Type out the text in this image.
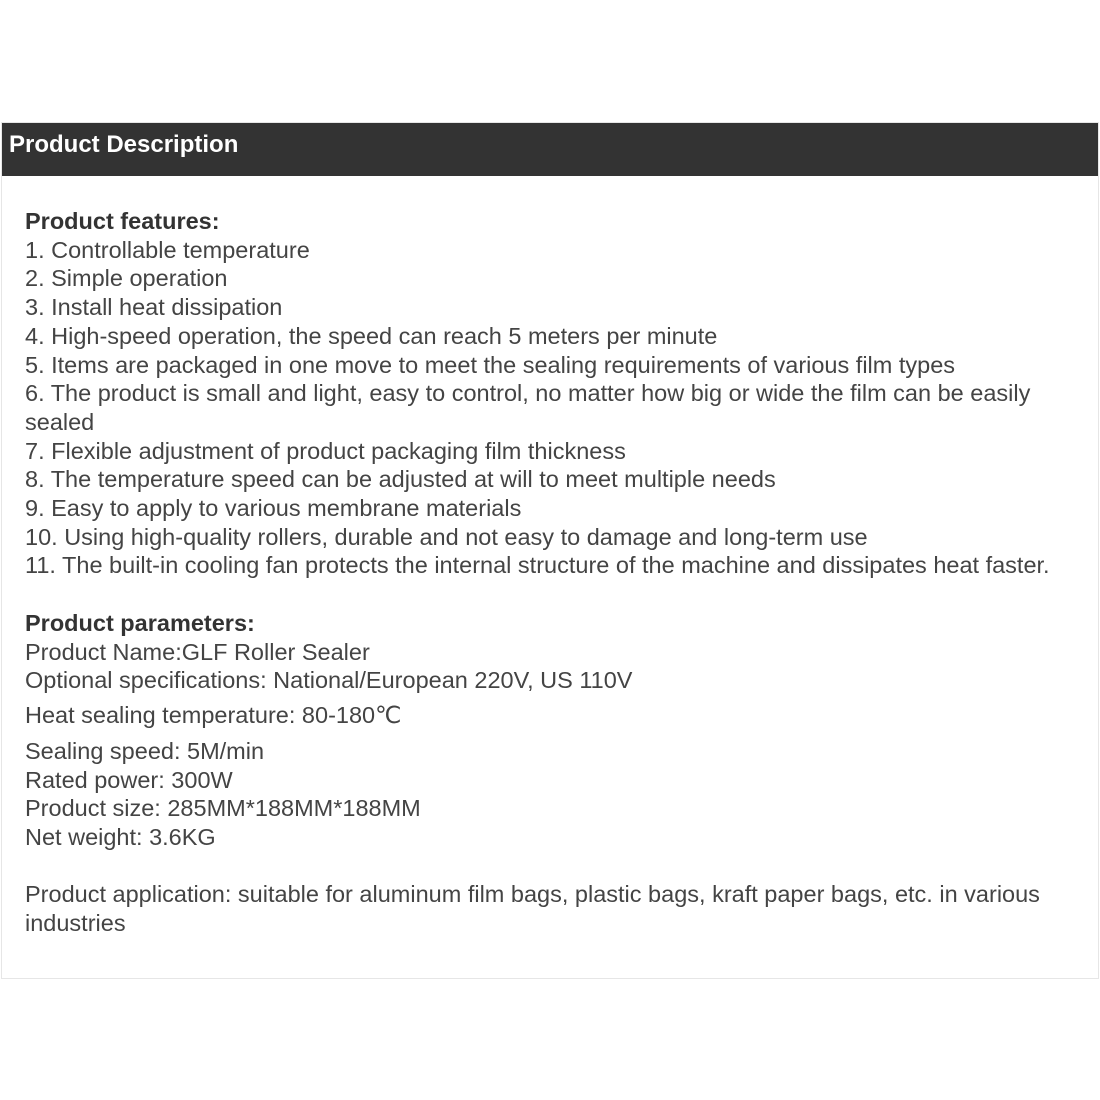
Product Description

Product features:

1. Controllable temperature

2. Simple operation

3. Install heat dissipation

4. High-speed operation, the speed can reach 5 meters per minute

5. Items are packaged in one move to meet the sealing requirements of various film types

6. The product is small and light, easy to control, no matter how big or wide the film can be easily sealed

7. Flexible adjustment of product packaging film thickness

8. The temperature speed can be adjusted at will to meet multiple needs

9. Easy to apply to various membrane materials

10. Using high-quality rollers, durable and not easy to damage and long-term use

11. The built-in cooling fan protects the internal structure of the machine and dissipates heat faster.

Product parameters:

Product Name:GLF Roller Sealer

Optional specifications: National/European 220V, US 110V

Heat sealing temperature: 80-180℃

Sealing speed: 5M/min

Rated power: 300W

Product size: 285MM*188MM*188MM

Net weight: 3.6KG

Product application: suitable for aluminum film bags, plastic bags, kraft paper bags, etc. in various industries
